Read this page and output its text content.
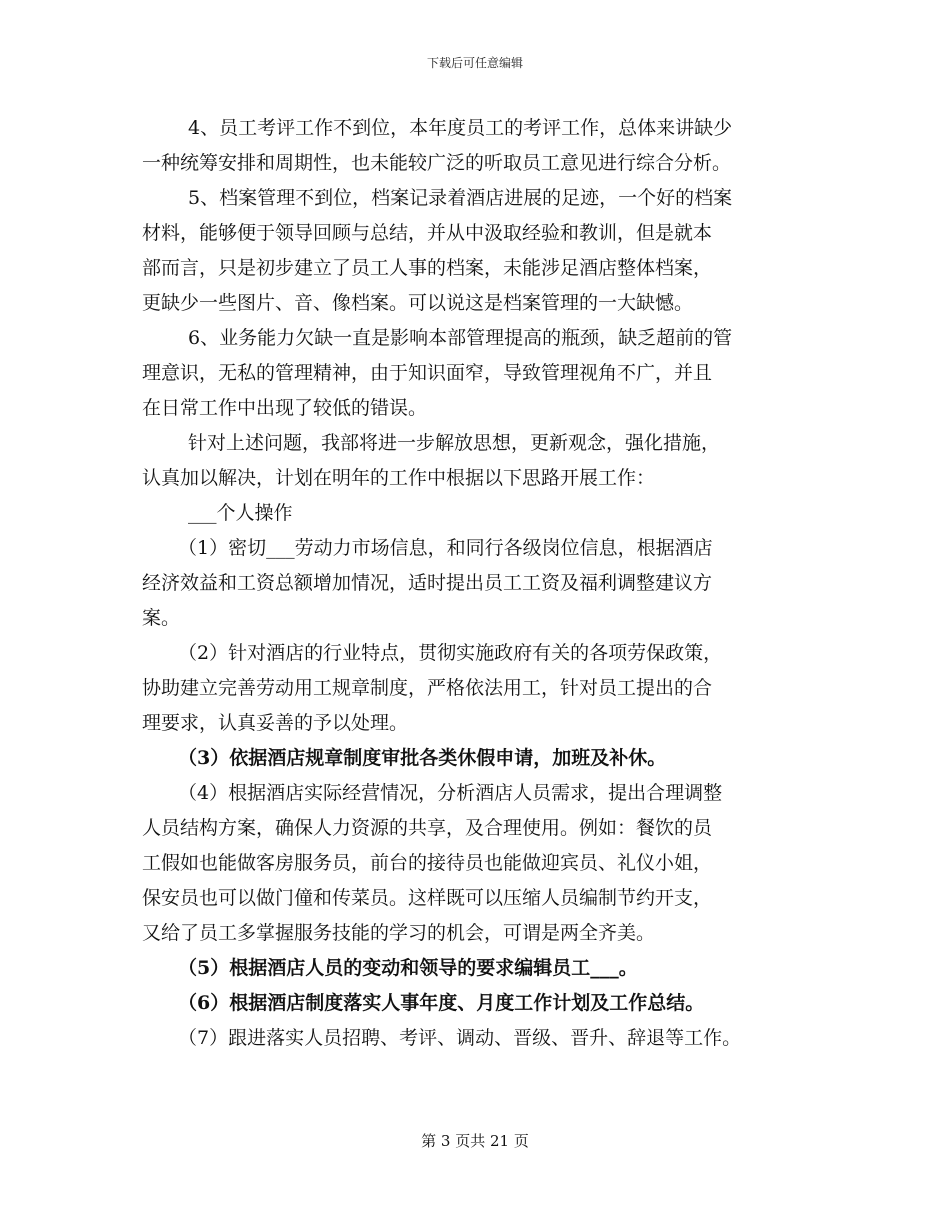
下载后可任意编辑
4、员工考评工作不到位，本年度员工的考评工作，总体来讲缺少
一种统筹安排和周期性，也未能较广泛的听取员工意见进行综合分析。
5、档案管理不到位，档案记录着酒店进展的足迹，一个好的档案
材料，能够便于领导回顾与总结，并从中汲取经验和教训，但是就本
部而言，只是初步建立了员工人事的档案，未能涉足酒店整体档案，
更缺少一些图片、音、像档案。可以说这是档案管理的一大缺憾。
6、业务能力欠缺一直是影响本部管理提高的瓶颈，缺乏超前的管
理意识，无私的管理精神，由于知识面窄，导致管理视角不广，并且
在日常工作中出现了较低的错误。
针对上述问题，我部将进一步解放思想，更新观念，强化措施，
认真加以解决，计划在明年的工作中根据以下思路开展工作：
___个人操作
（1）密切___劳动力市场信息，和同行各级岗位信息，根据酒店
经济效益和工资总额增加情况，适时提出员工工资及福利调整建议方
案。
（2）针对酒店的行业特点，贯彻实施政府有关的各项劳保政策，
协助建立完善劳动用工规章制度，严格依法用工，针对员工提出的合
理要求，认真妥善的予以处理。
（3）依据酒店规章制度审批各类休假申请，加班及补休。
（4）根据酒店实际经营情况，分析酒店人员需求，提出合理调整
人员结构方案，确保人力资源的共享，及合理使用。例如：餐饮的员
工假如也能做客房服务员，前台的接待员也能做迎宾员、礼仪小姐，
保安员也可以做门僮和传菜员。这样既可以压缩人员编制节约开支，
又给了员工多掌握服务技能的学习的机会，可谓是两全齐美。
（5）根据酒店人员的变动和领导的要求编辑员工___。
（6）根据酒店制度落实人事年度、月度工作计划及工作总结。
（7）跟进落实人员招聘、考评、调动、晋级、晋升、辞退等工作。
第 3 页共 21 页
